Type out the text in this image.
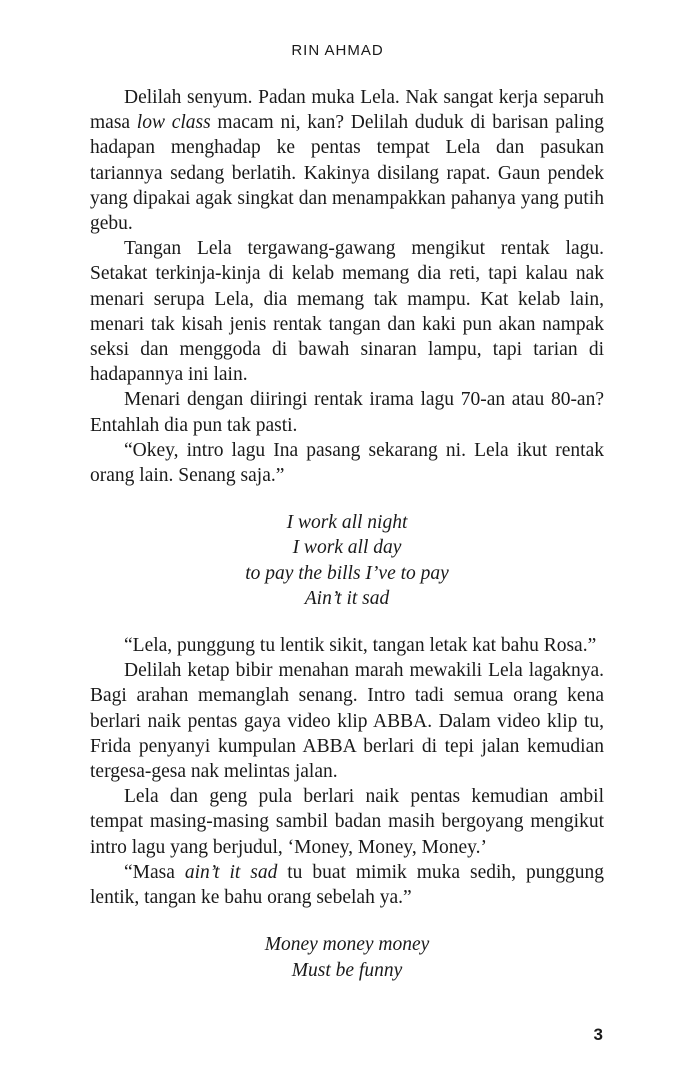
RIN AHMAD

Delilah senyum. Padan muka Lela. Nak sangat kerja separuh masa low class macam ni, kan? Delilah duduk di barisan paling hadapan menghadap ke pentas tempat Lela dan pasukan tariannya sedang berlatih. Kakinya disilang rapat. Gaun pendek yang dipakai agak singkat dan menampakkan pahanya yang putih gebu.

Tangan Lela tergawang-gawang mengikut rentak lagu. Setakat terkinja-kinja di kelab memang dia reti, tapi kalau nak menari serupa Lela, dia memang tak mampu. Kat kelab lain, menari tak kisah jenis rentak tangan dan kaki pun akan nampak seksi dan menggoda di bawah sinaran lampu, tapi tarian di hadapannya ini lain.

Menari dengan diiringi rentak irama lagu 70-an atau 80-an? Entahlah dia pun tak pasti.

“Okey, intro lagu Ina pasang sekarang ni. Lela ikut rentak orang lain. Senang saja.”

I work all night
I work all day
to pay the bills I’ve to pay
Ain’t it sad

“Lela, punggung tu lentik sikit, tangan letak kat bahu Rosa.”

Delilah ketap bibir menahan marah mewakili Lela lagaknya. Bagi arahan memanglah senang. Intro tadi semua orang kena berlari naik pentas gaya video klip ABBA. Dalam video klip tu, Frida penyanyi kumpulan ABBA berlari di tepi jalan kemudian tergesa-gesa nak melintas jalan.

Lela dan geng pula berlari naik pentas kemudian ambil tempat masing-masing sambil badan masih bergoyang mengikut intro lagu yang berjudul, ‘Money, Money, Money.’

“Masa ain’t it sad tu buat mimik muka sedih, punggung lentik, tangan ke bahu orang sebelah ya.”

Money money money
Must be funny
3
